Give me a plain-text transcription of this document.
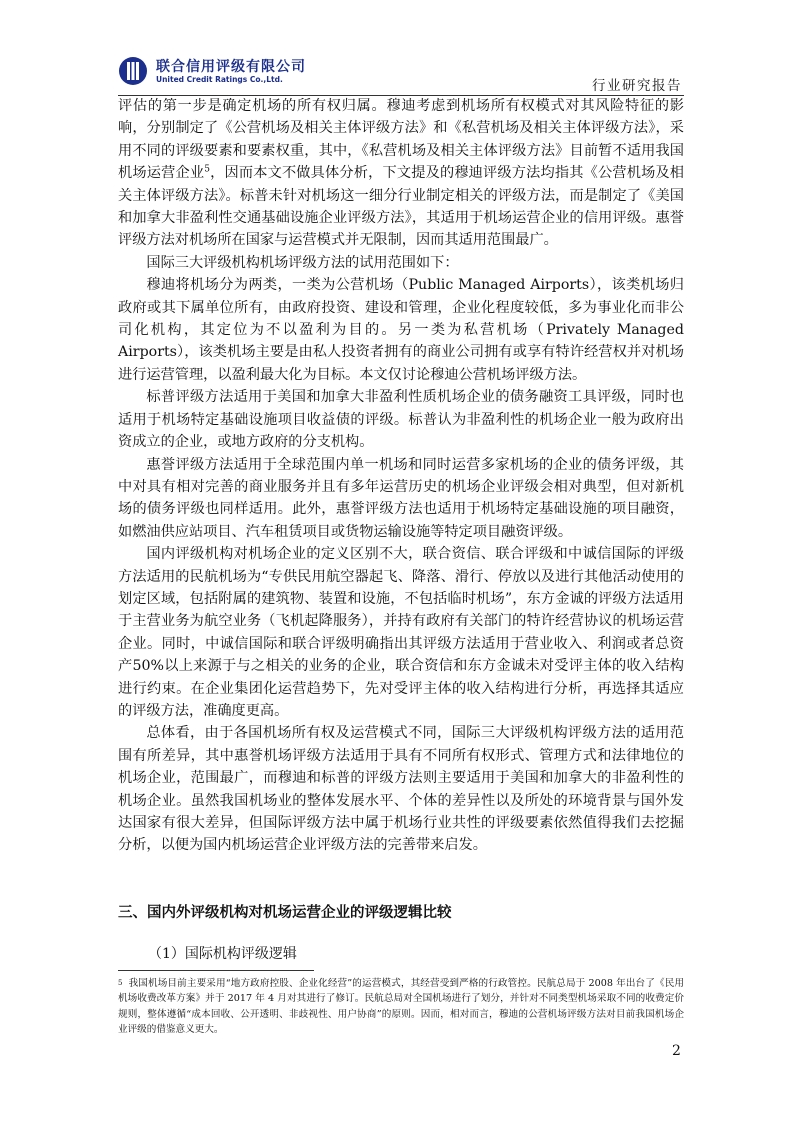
联合信用评级有限公司
United Credit Ratings Co.,Ltd.	行业研究报告

评估的第一步是确定机场的所有权归属。穆迪考虑到机场所有权模式对其风险特征的影响，分别制定了《公营机场及相关主体评级方法》和《私营机场及相关主体评级方法》，采用不同的评级要素和要素权重，其中，《私营机场及相关主体评级方法》目前暂不适用我国机场运营企业$^5$，因而本文不做具体分析，下文提及的穆迪评级方法均指其《公营机场及相关主体评级方法》。标普未针对机场这一细分行业制定相关的评级方法，而是制定了《美国和加拿大非盈利性交通基础设施企业评级方法》，其适用于机场运营企业的信用评级。惠誉评级方法对机场所在国家与运营模式并无限制，因而其适用范围最广。

国际三大评级机构机场评级方法的试用范围如下：

穆迪将机场分为两类，一类为公营机场（Public Managed Airports），该类机场归政府或其下属单位所有，由政府投资、建设和管理，企业化程度较低，多为事业化而非公司化机构，其定位为不以盈利为目的。另一类为私营机场（Privately Managed Airports），该类机场主要是由私人投资者拥有的商业公司拥有或享有特许经营权并对机场进行运营管理，以盈利最大化为目标。本文仅讨论穆迪公营机场评级方法。

标普评级方法适用于美国和加拿大非盈利性质机场企业的债务融资工具评级，同时也适用于机场特定基础设施项目收益债的评级。标普认为非盈利性的机场企业一般为政府出资成立的企业，或地方政府的分支机构。

惠誉评级方法适用于全球范围内单一机场和同时运营多家机场的企业的债务评级，其中对具有相对完善的商业服务并且有多年运营历史的机场企业评级会相对典型，但对新机场的债务评级也同样适用。此外，惠誉评级方法也适用于机场特定基础设施的项目融资，如燃油供应站项目、汽车租赁项目或货物运输设施等特定项目融资评级。

国内评级机构对机场企业的定义区别不大，联合资信、联合评级和中诚信国际的评级方法适用的民航机场为“专供民用航空器起飞、降落、滑行、停放以及进行其他活动使用的划定区域，包括附属的建筑物、装置和设施，不包括临时机场”，东方金诚的评级方法适用于主营业务为航空业务（飞机起降服务），并持有政府有关部门的特许经营协议的机场运营企业。同时，中诚信国际和联合评级明确指出其评级方法适用于营业收入、利润或者总资产50%以上来源于与之相关的业务的企业，联合资信和东方金诚未对受评主体的收入结构进行约束。在企业集团化运营趋势下，先对受评主体的收入结构进行分析，再选择其适应的评级方法，准确度更高。

总体看，由于各国机场所有权及运营模式不同，国际三大评级机构评级方法的适用范围有所差异，其中惠誉机场评级方法适用于具有不同所有权形式、管理方式和法律地位的机场企业，范围最广，而穆迪和标普的评级方法则主要适用于美国和加拿大的非盈利性的机场企业。虽然我国机场业的整体发展水平、个体的差异性以及所处的环境背景与国外发达国家有很大差异，但国际评级方法中属于机场行业共性的评级要素依然值得我们去挖掘分析，以便为国内机场运营企业评级方法的完善带来启发。

三、国内外评级机构对机场运营企业的评级逻辑比较
（1）国际机构评级逻辑
$^5$ 我国机场目前主要采用“地方政府控股、企业化经营”的运营模式，其经营受到严格的行政管控。民航总局于 2008 年出台了《民用机场收费改革方案》并于 2017 年 4 月对其进行了修订。民航总局对全国机场进行了划分，并针对不同类型机场采取不同的收费定价规则，整体遵循“成本回收、公开透明、非歧视性、用户协商”的原则。因而，相对而言，穆迪的公营机场评级方法对目前我国机场企业评级的借鉴意义更大。
2
